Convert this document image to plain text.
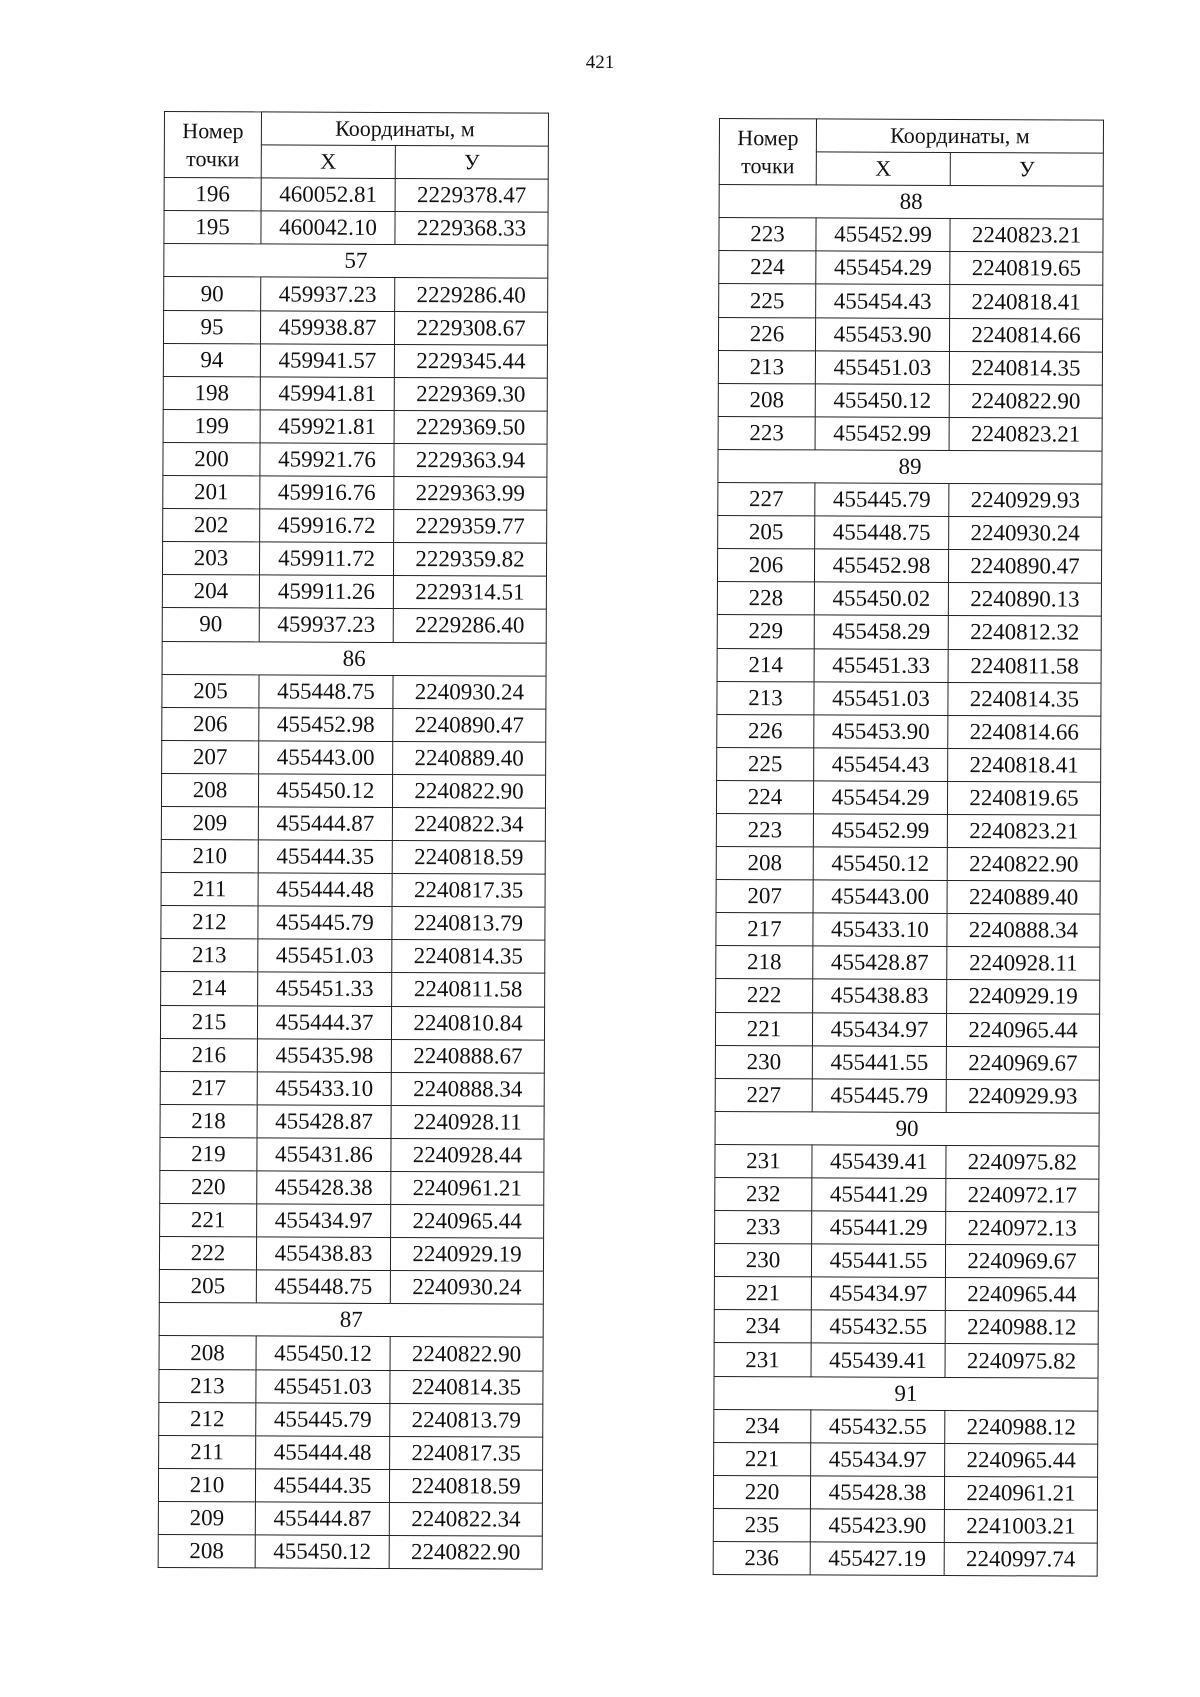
421
Номер точки	Координаты, м	
	Х	У
196	460052.81	2229378.47
195	460042.10	2229368.33
57		
90	459937.23	2229286.40
95	459938.87	2229308.67
94	459941.57	2229345.44
198	459941.81	2229369.30
199	459921.81	2229369.50
200	459921.76	2229363.94
201	459916.76	2229363.99
202	459916.72	2229359.77
203	459911.72	2229359.82
204	459911.26	2229314.51
90	459937.23	2229286.40
86		
205	455448.75	2240930.24
206	455452.98	2240890.47
207	455443.00	2240889.40
208	455450.12	2240822.90
209	455444.87	2240822.34
210	455444.35	2240818.59
211	455444.48	2240817.35
212	455445.79	2240813.79
213	455451.03	2240814.35
214	455451.33	2240811.58
215	455444.37	2240810.84
216	455435.98	2240888.67
217	455433.10	2240888.34
218	455428.87	2240928.11
219	455431.86	2240928.44
220	455428.38	2240961.21
221	455434.97	2240965.44
222	455438.83	2240929.19
205	455448.75	2240930.24
87		
208	455450.12	2240822.90
213	455451.03	2240814.35
212	455445.79	2240813.79
211	455444.48	2240817.35
210	455444.35	2240818.59
209	455444.87	2240822.34
208	455450.12	2240822.90
Номер точки	Координаты, м	
	Х	У
88		
223	455452.99	2240823.21
224	455454.29	2240819.65
225	455454.43	2240818.41
226	455453.90	2240814.66
213	455451.03	2240814.35
208	455450.12	2240822.90
223	455452.99	2240823.21
89		
227	455445.79	2240929.93
205	455448.75	2240930.24
206	455452.98	2240890.47
228	455450.02	2240890.13
229	455458.29	2240812.32
214	455451.33	2240811.58
213	455451.03	2240814.35
226	455453.90	2240814.66
225	455454.43	2240818.41
224	455454.29	2240819.65
223	455452.99	2240823.21
208	455450.12	2240822.90
207	455443.00	2240889.40
217	455433.10	2240888.34
218	455428.87	2240928.11
222	455438.83	2240929.19
221	455434.97	2240965.44
230	455441.55	2240969.67
227	455445.79	2240929.93
90		
231	455439.41	2240975.82
232	455441.29	2240972.17
233	455441.29	2240972.13
230	455441.55	2240969.67
221	455434.97	2240965.44
234	455432.55	2240988.12
231	455439.41	2240975.82
91		
234	455432.55	2240988.12
221	455434.97	2240965.44
220	455428.38	2240961.21
235	455423.90	2241003.21
236	455427.19	2240997.74
